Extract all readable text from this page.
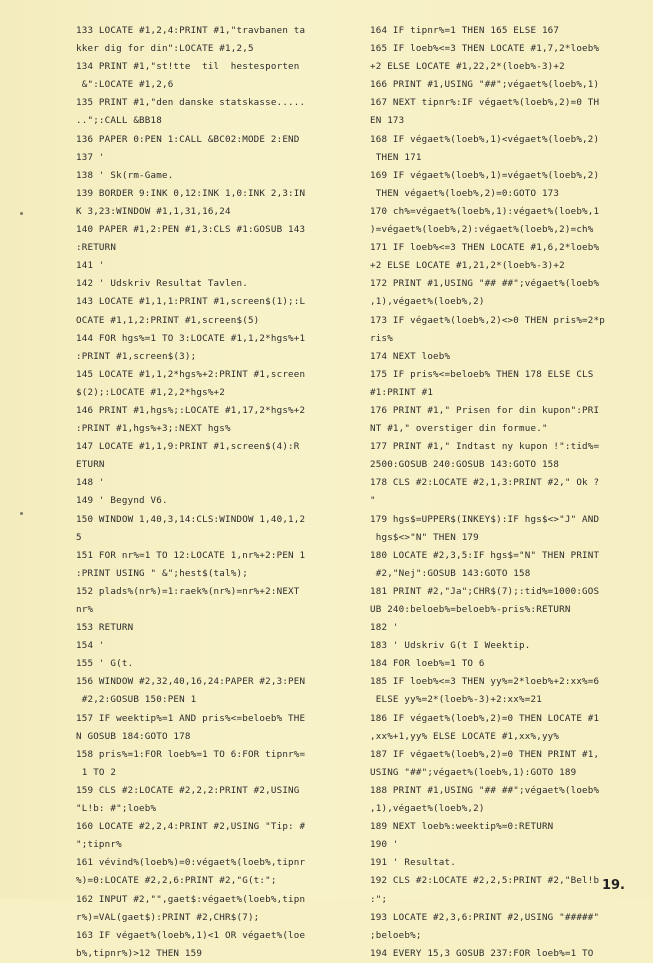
133 LOCATE #1,2,4:PRINT #1,"travbanen ta
kker dig for din":LOCATE #1,2,5
134 PRINT #1,"st!tte  til  hestesporten
&":LOCATE #1,2,6
135 PRINT #1,"den danske statskasse.....
..";:CALL &BB18
136 PAPER 0:PEN 1:CALL &BC02:MODE 2:END
137 '
138 ' Sk(rm-Game.
139 BORDER 9:INK 0,12:INK 1,0:INK 2,3:IN
K 3,23:WINDOW #1,1,31,16,24
140 PAPER #1,2:PEN #1,3:CLS #1:GOSUB 143
:RETURN
141 '
142 ' Udskriv Resultat Tavlen.
143 LOCATE #1,1,1:PRINT #1,screen$(1);:L
OCATE #1,1,2:PRINT #1,screen$(5)
144 FOR hgs%=1 TO 3:LOCATE #1,1,2*hgs%+1
:PRINT #1,screen$(3);
145 LOCATE #1,1,2*hgs%+2:PRINT #1,screen
$(2);:LOCATE #1,2,2*hgs%+2
146 PRINT #1,hgs%;:LOCATE #1,17,2*hgs%+2
:PRINT #1,hgs%+3;:NEXT hgs%
147 LOCATE #1,1,9:PRINT #1,screen$(4):R
ETURN
148 '
149 ' Begynd V6.
150 WINDOW 1,40,3,14:CLS:WINDOW 1,40,1,2
5
151 FOR nr%=1 TO 12:LOCATE 1,nr%+2:PEN 1
:PRINT USING " &";hest$(tal%);
152 plads%(nr%)=1:raek%(nr%)=nr%+2:NEXT
nr%
153 RETURN
154 '
155 ' G(t.
156 WINDOW #2,32,40,16,24:PAPER #2,3:PEN
#2,2:GOSUB 150:PEN 1
157 IF weektip%=1 AND pris%<=beloeb% THE
N GOSUB 184:GOTO 178
158 pris%=1:FOR loeb%=1 TO 6:FOR tipnr%=
1 TO 2
159 CLS #2:LOCATE #2,2,2:PRINT #2,USING
"L!b: #";loeb%
160 LOCATE #2,2,4:PRINT #2,USING "Tip: #
";tipnr%
161 vévind%(loeb%)=0:végaet%(loeb%,tipnr
%)=0:LOCATE #2,2,6:PRINT #2,"G(t:";
162 INPUT #2,"",gaet$:végaet%(loeb%,tipn
r%)=VAL(gaet$):PRINT #2,CHR$(7);
163 IF végaet%(loeb%,1)<1 OR végaet%(loe
b%,tipnr%)>12 THEN 159
164 IF tipnr%=1 THEN 165 ELSE 167
165 IF loeb%<=3 THEN LOCATE #1,7,2*loeb%
+2 ELSE LOCATE #1,22,2*(loeb%-3)+2
166 PRINT #1,USING "##";végaet%(loeb%,1)
167 NEXT tipnr%:IF végaet%(loeb%,2)=0 TH
EN 173
168 IF végaet%(loeb%,1)<végaet%(loeb%,2)
THEN 171
169 IF végaet%(loeb%,1)=végaet%(loeb%,2)
THEN végaet%(loeb%,2)=0:GOTO 173
170 ch%=végaet%(loeb%,1):végaet%(loeb%,1
)=végaet%(loeb%,2):végaet%(loeb%,2)=ch%
171 IF loeb%<=3 THEN LOCATE #1,6,2*loeb%
+2 ELSE LOCATE #1,21,2*(loeb%-3)+2
172 PRINT #1,USING "## ##";végaet%(loeb%
,1),végaet%(loeb%,2)
173 IF végaet%(loeb%,2)<>0 THEN pris%=2*p
ris%
174 NEXT loeb%
175 IF pris%<=beloeb% THEN 178 ELSE CLS
#1:PRINT #1
176 PRINT #1," Prisen for din kupon":PRI
NT #1," overstiger din formue."
177 PRINT #1," Indtast ny kupon !":tid%=
2500:GOSUB 240:GOSUB 143:GOTO 158
178 CLS #2:LOCATE #2,1,3:PRINT #2," Ok ?
"
179 hgs$=UPPER$(INKEY$):IF hgs$<>"J" AND
hgs$<>"N" THEN 179
180 LOCATE #2,3,5:IF hgs$="N" THEN PRINT
#2,"Nej":GOSUB 143:GOTO 158
181 PRINT #2,"Ja";CHR$(7);:tid%=1000:GOS
UB 240:beloeb%=beloeb%-pris%:RETURN
182 '
183 ' Udskriv G(t I Weektip.
184 FOR loeb%=1 TO 6
185 IF loeb%<=3 THEN yy%=2*loeb%+2:xx%=6
ELSE yy%=2*(loeb%-3)+2:xx%=21
186 IF végaet%(loeb%,2)=0 THEN LOCATE #1
,xx%+1,yy% ELSE LOCATE #1,xx%,yy%
187 IF végaet%(loeb%,2)=0 THEN PRINT #1,
USING "##";végaet%(loeb%,1):GOTO 189
188 PRINT #1,USING "## ##";végaet%(loeb%
,1),végaet%(loeb%,2)
189 NEXT loeb%:weektip%=0:RETURN
190 '
191 ' Resultat.
192 CLS #2:LOCATE #2,2,5:PRINT #2,"Bel!b
:";
193 LOCATE #2,3,6:PRINT #2,USING "#####"
;beloeb%;
194 EVERY 15,3 GOSUB 237:FOR loeb%=1 TO
19.
